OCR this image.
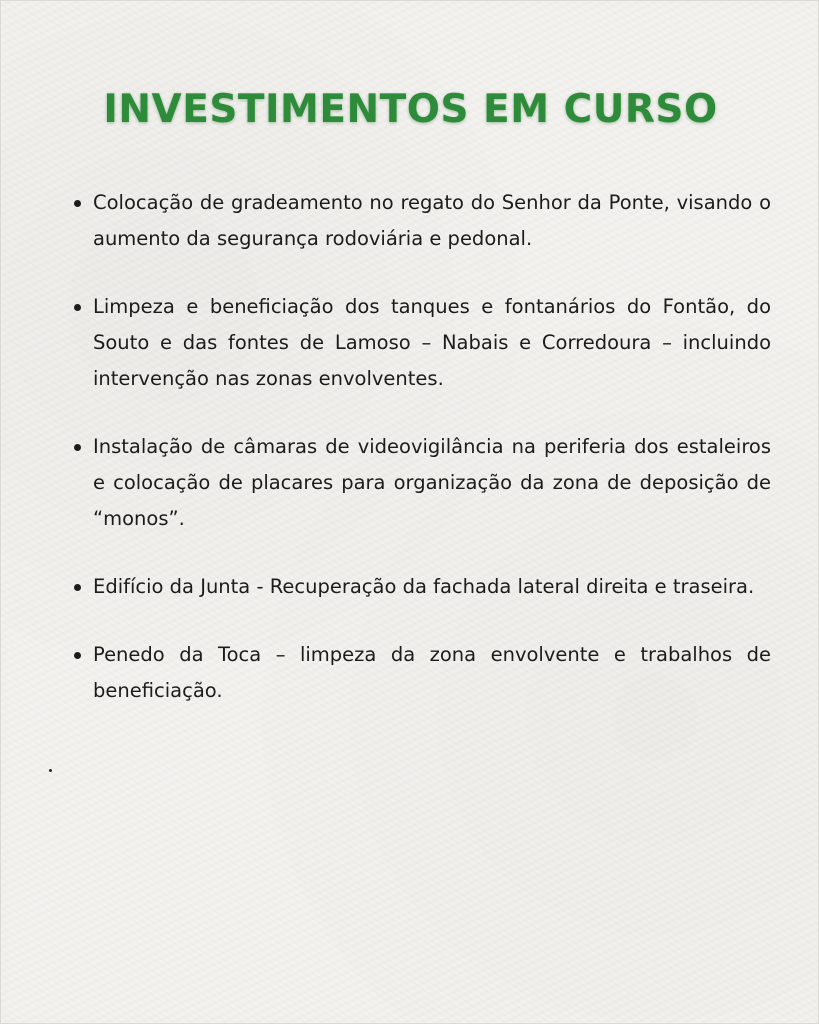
INVESTIMENTOS EM CURSO
Colocação de gradeamento no regato do Senhor da Ponte, visando o aumento da segurança rodoviária e pedonal.
Limpeza e beneficiação dos tanques e fontanários do Fontão, do Souto e das fontes de Lamoso – Nabais e Corredoura – incluindo intervenção nas zonas envolventes.
Instalação de câmaras de videovigilância na periferia dos estaleiros e colocação de placares para organização da zona de deposição de “monos”.
Edifício da Junta - Recuperação da fachada lateral direita e traseira.
Penedo da Toca – limpeza da zona envolvente e trabalhos de beneficiação.
